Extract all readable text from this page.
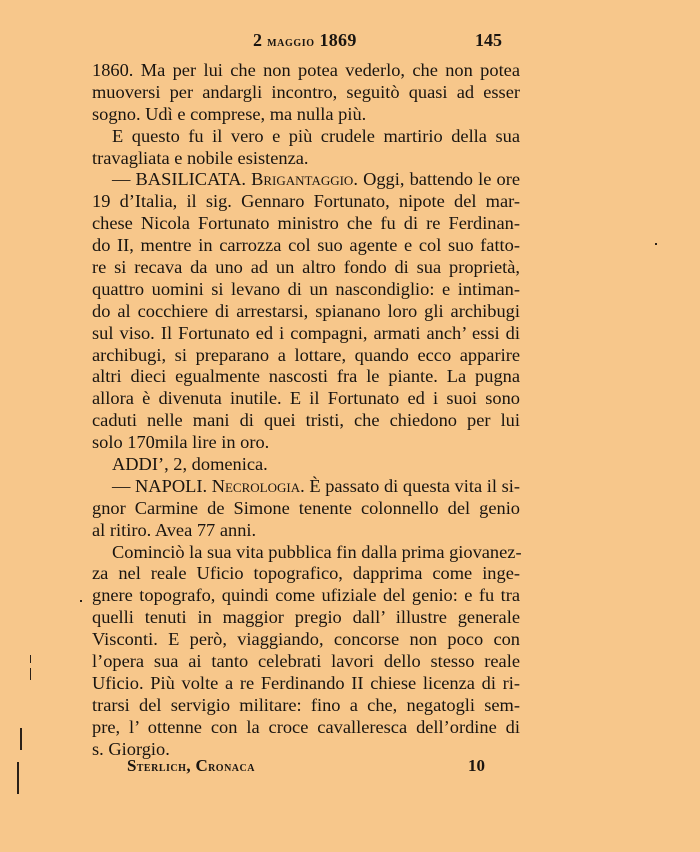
2 maggio 1869	145
1860. Ma per lui che non potea vederlo, che non potea
muoversi per andargli incontro, seguitò quasi ad esser
sogno. Udì e comprese, ma nulla più.
E questo fu il vero e più crudele martirio della sua
travagliata e nobile esistenza.
— BASILICATA. Brigantaggio. Oggi, battendo le ore
19 d’Italia, il sig. Gennaro Fortunato, nipote del mar-
chese Nicola Fortunato ministro che fu di re Ferdinan-
do II, mentre in carrozza col suo agente e col suo fatto-
re si recava da uno ad un altro fondo di sua proprietà,
quattro uomini si levano di un nascondiglio: e intiman-
do al cocchiere di arrestarsi, spianano loro gli archibugi
sul viso. Il Fortunato ed i compagni, armati anch’ essi di
archibugi, si preparano a lottare, quando ecco apparire
altri dieci egualmente nascosti fra le piante. La pugna
allora è divenuta inutile. E il Fortunato ed i suoi sono
caduti nelle mani di quei tristi, che chiedono per lui
solo 170mila lire in oro.
ADDI’, 2, domenica.
— NAPOLI. Necrologia. È passato di questa vita il si-
gnor Carmine de Simone tenente colonnello del genio
al ritiro. Avea 77 anni.
Cominciò la sua vita pubblica fin dalla prima giovanez-
za nel reale Uficio topografico, dapprima come inge-
gnere topografo, quindi come ufiziale del genio: e fu tra
quelli tenuti in maggior pregio dall’ illustre generale
Visconti. E però, viaggiando, concorse non poco con
l’opera sua ai tanto celebrati lavori dello stesso reale
Uficio. Più volte a re Ferdinando II chiese licenza di ri-
trarsi del servigio militare: fino a che, negatogli sem-
pre, l’ ottenne con la croce cavalleresca dell’ordine di
s. Giorgio.
Sterlich, Cronaca	10
